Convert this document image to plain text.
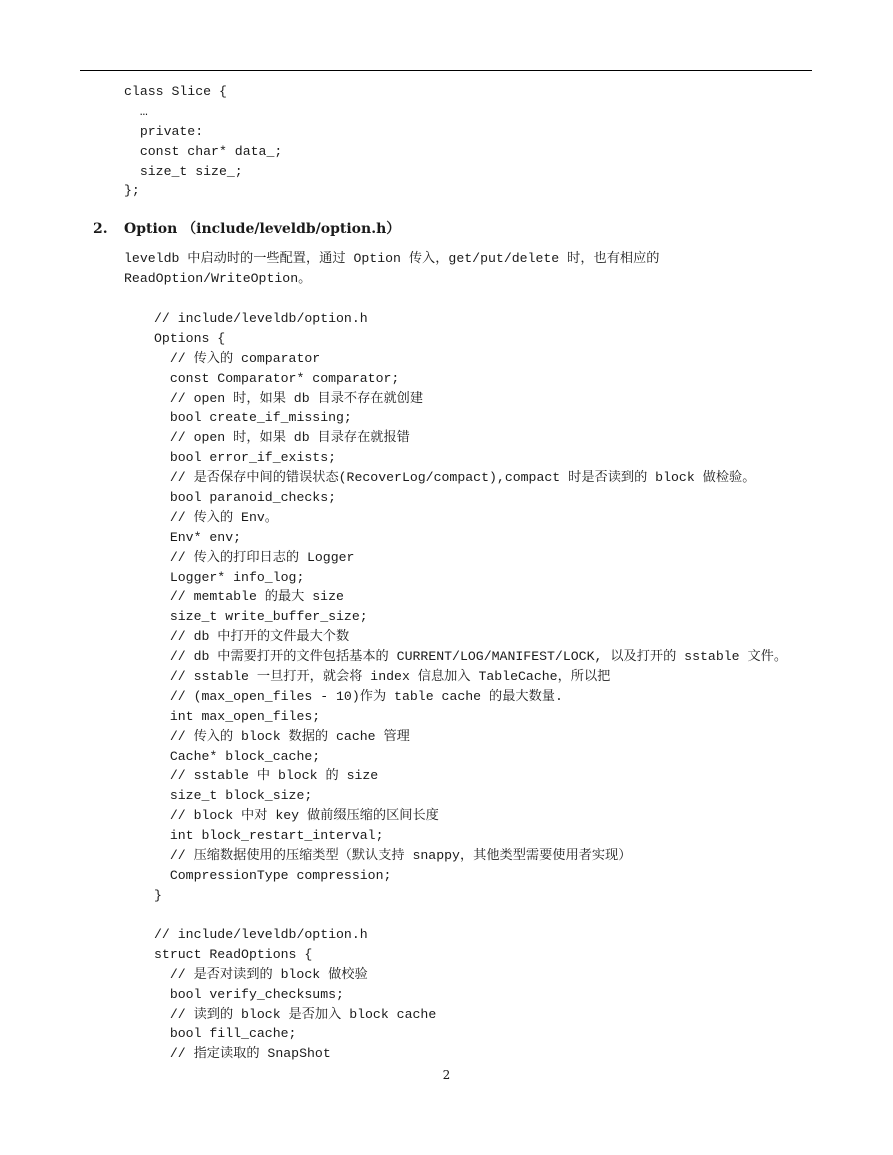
class Slice {
…
private:
const char* data_;
size_t size_;
};
2. Option （include/leveldb/option.h）
leveldb 中启动时的一些配置，通过 Option 传入，get/put/delete 时，也有相应的
ReadOption/WriteOption。
// include/leveldb/option.h
Options {
// 传入的 comparator
const Comparator* comparator;
// open 时，如果 db 目录不存在就创建
bool create_if_missing;
// open 时，如果 db 目录存在就报错
bool error_if_exists;
// 是否保存中间的错误状态(RecoverLog/compact),compact 时是否读到的 block 做检验。
bool paranoid_checks;
// 传入的 Env。
Env* env;
// 传入的打印日志的 Logger
Logger* info_log;
// memtable 的最大 size
size_t write_buffer_size;
// db 中打开的文件最大个数
// db 中需要打开的文件包括基本的 CURRENT/LOG/MANIFEST/LOCK, 以及打开的 sstable 文件。
// sstable 一旦打开，就会将 index 信息加入 TableCache，所以把
// (max_open_files - 10)作为 table cache 的最大数量.
int max_open_files;
// 传入的 block 数据的 cache 管理
Cache* block_cache;
// sstable 中 block 的 size
size_t block_size;
// block 中对 key 做前缀压缩的区间长度
int block_restart_interval;
// 压缩数据使用的压缩类型（默认支持 snappy，其他类型需要使用者实现）
CompressionType compression;
}
// include/leveldb/option.h
struct ReadOptions {
// 是否对读到的 block 做校验
bool verify_checksums;
// 读到的 block 是否加入 block cache
bool fill_cache;
// 指定读取的 SnapShot
2
